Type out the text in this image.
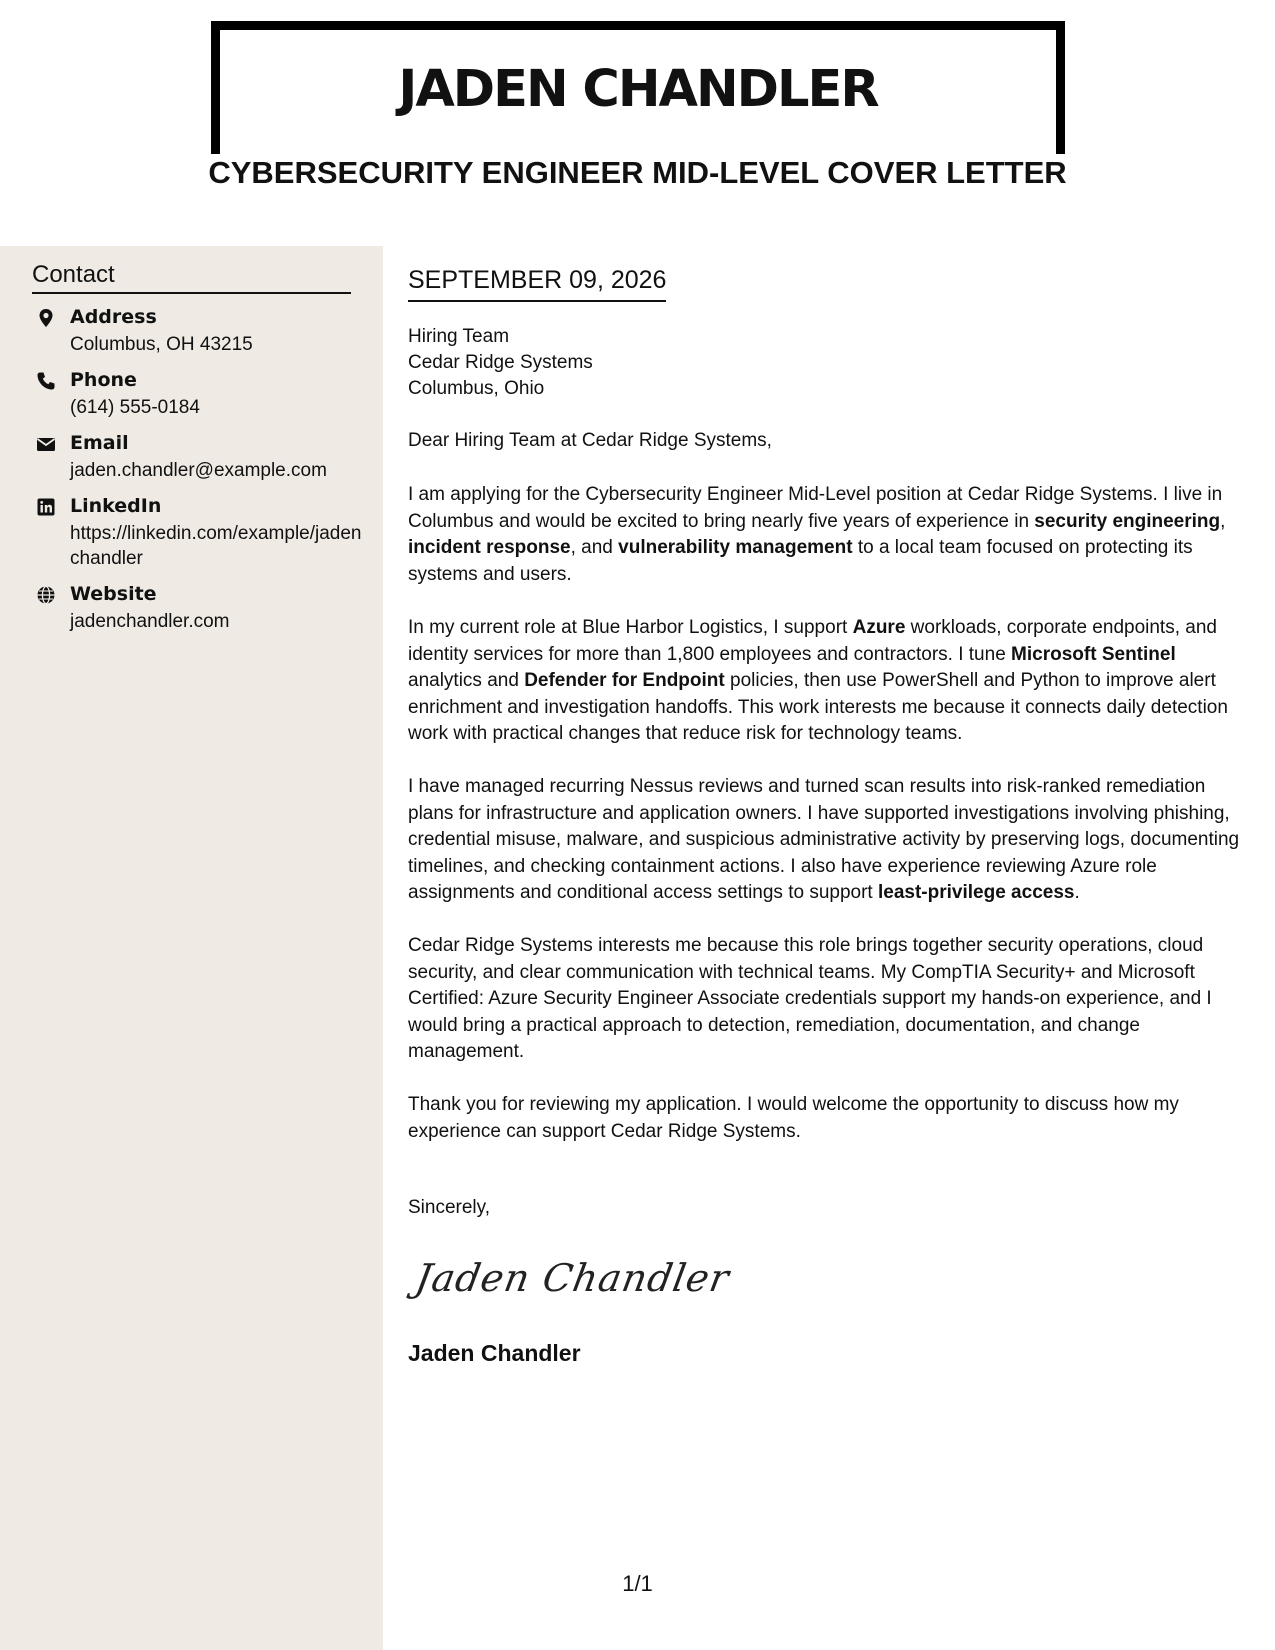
JADEN CHANDLER
CYBERSECURITY ENGINEER MID-LEVEL COVER LETTER
Contact
Address
Columbus, OH 43215
Phone
(614) 555-0184
Email
jaden.chandler@example.com
LinkedIn
https://linkedin.com/example/jadenchandler
Website
jadenchandler.com
SEPTEMBER 09, 2026
Hiring Team
Cedar Ridge Systems
Columbus, Ohio
Dear Hiring Team at Cedar Ridge Systems,
I am applying for the Cybersecurity Engineer Mid-Level position at Cedar Ridge Systems. I live in Columbus and would be excited to bring nearly five years of experience in security engineering, incident response, and vulnerability management to a local team focused on protecting its systems and users.
In my current role at Blue Harbor Logistics, I support Azure workloads, corporate endpoints, and identity services for more than 1,800 employees and contractors. I tune Microsoft Sentinel analytics and Defender for Endpoint policies, then use PowerShell and Python to improve alert enrichment and investigation handoffs. This work interests me because it connects daily detection work with practical changes that reduce risk for technology teams.
I have managed recurring Nessus reviews and turned scan results into risk-ranked remediation plans for infrastructure and application owners. I have supported investigations involving phishing, credential misuse, malware, and suspicious administrative activity by preserving logs, documenting timelines, and checking containment actions. I also have experience reviewing Azure role assignments and conditional access settings to support least-privilege access.
Cedar Ridge Systems interests me because this role brings together security operations, cloud security, and clear communication with technical teams. My CompTIA Security+ and Microsoft Certified: Azure Security Engineer Associate credentials support my hands-on experience, and I would bring a practical approach to detection, remediation, documentation, and change management.
Thank you for reviewing my application. I would welcome the opportunity to discuss how my experience can support Cedar Ridge Systems.
Sincerely,
Jaden Chandler
Jaden Chandler
1/1
